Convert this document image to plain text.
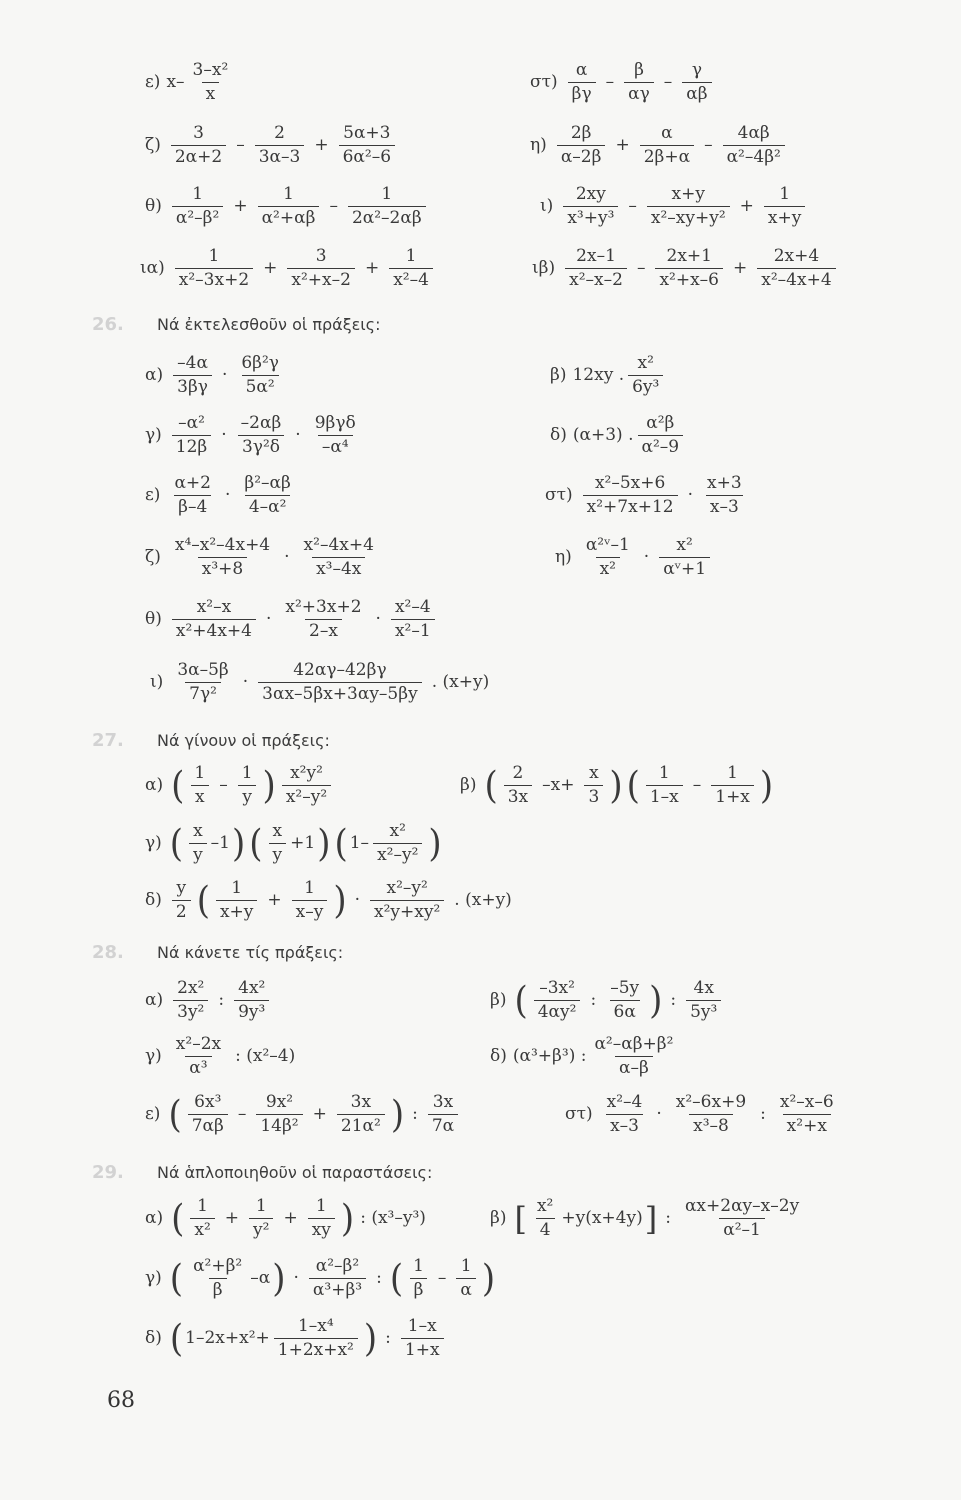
ε) $x- \frac{\text{3–x²}}{x}$	$\sigma\tau) \frac{\alpha}{\beta\gamma} - \frac{\beta}{\alpha\gamma} - \frac{\gamma}{\alpha\beta}$
$\zeta) \frac{3}{2\alpha+2} - \frac{2}{3\alpha-3} + \frac{5\alpha+3}{\text{6α²–6}}$	$\eta) \frac{2\beta}{\alpha-2\beta} + \frac{\alpha}{2\beta+\alpha} - \frac{4\alpha\beta}{\text{α²–4β²}}$
$\theta) \frac{1}{\text{α²–β²}} + \frac{1}{\text{α²+αβ}} - \frac{1}{\text{2α²–2αβ}}$	$\iota) \frac{2xy}{\text{x³+y³}} - \frac{x+y}{\text{x²–xy+y²}} + \frac{1}{x+y}$
$\iota\alpha) \frac{1}{\text{x²–3x+2}} + \frac{3}{\text{x²+x–2}} + \frac{1}{\text{x²–4}}$	$\iota\beta) \frac{2x-1}{\text{x²–x–2}} - \frac{2x+1}{\text{x²+x–6}} + \frac{2x+4}{\text{x²–4x+4}}$
26. Νά ἐκτελεσθοῦν οἱ πράξεις:
$\alpha) \frac{-4\alpha}{3\beta\gamma} \cdot \frac{\text{6β²γ}}{\text{5α²}}$	β) 12xy . $\frac{\text{x²}}{\text{6y³}}$
$\gamma) \frac{\text{–α²}}{12\beta} \cdot \frac{-2\alpha\beta}{\text{3γ²δ}} \cdot \frac{\text{9βγδ}}{\text{–α⁴}}$	δ) (α+3) . $\frac{\text{α²β}}{\text{α²–9}}$
$\varepsilon) \frac{\alpha+2}{\beta-4} \cdot \frac{\text{β²–αβ}}{\text{4–α²}}$	$\sigma\tau) \frac{\text{x²–5x+6}}{\text{x²+7x+12}} \cdot \frac{x+3}{x-3}$
$\zeta) \frac{\text{x⁴–x²–4x+4}}{\text{x³+8}} \cdot \frac{\text{x²–4x+4}}{\text{x³–4x}}$	$\eta) \frac{\text{α²ᵛ–1}}{\text{x²}} \cdot \frac{\text{x²}}{\text{αᵛ+1}}$
$\theta) \frac{\text{x²–x}}{\text{x²+4x+4}} \cdot \frac{\text{x²+3x+2}}{2-x} \cdot \frac{\text{x²–4}}{\text{x²–1}}$
$\iota) \frac{3\alpha-5\beta}{\text{7γ²}} \cdot \frac{42\alpha\gamma-42\beta\gamma}{3\alpha x-5\beta x+3\alpha y-5\beta y}$ . (x+y)
27. Νά γίνουν οἱ πράξεις:
α) ( $\frac{1}{x} - \frac{1}{y}$ ) $\frac{\text{x²y²}}{\text{x²–y²}}$	β) ( $\frac{2}{3x} -x+ \frac{x}{3}$ ) ( $\frac{1}{1-x} - \frac{1}{1+x}$ )
γ) ( $\frac{x}{y} -1$ ) ( $\frac{x}{y} +1$ ) ( $1- \frac{\text{x²}}{\text{x²–y²}}$ )
$\delta) \frac{y}{2}$ ( $\frac{1}{x+y} + \frac{1}{x-y}$ ) · $\frac{\text{x²–y²}}{\text{x²y+xy²}}$ . (x+y)
28. Νά κάνετε τίς πράξεις:
$\alpha) \frac{\text{2x²}}{\text{3y²}}$ : $\frac{\text{4x²}}{\text{9y³}}$	β) ( $\frac{\text{–3x²}}{\text{4αy²}}$ : $\frac{-5y}{6\alpha}$ ) : $\frac{4x}{\text{5y³}}$
$\gamma) \frac{\text{x²–2x}}{\text{α³}}$ : (x²–4)	δ) (α³+β³) : $\frac{\text{α²–αβ+β²}}{\alpha-\beta}$
ε) ( $\frac{\text{6x³}}{7\alpha\beta} - \frac{\text{9x²}}{\text{14β²}} + \frac{3x}{\text{21α²}}$ ) : $\frac{3x}{7\alpha}$	$\sigma\tau) \frac{\text{x²–4}}{x-3} \cdot \frac{\text{x²–6x+9}}{\text{x³–8}}$ : $\frac{\text{x²–x–6}}{\text{x²+x}}$
29. Νά ἁπλοποιηθοῦν οἱ παραστάσεις:
α) ( $\frac{1}{\text{x²}} + \frac{1}{\text{y²}} + \frac{1}{xy}$ ) : (x³–y³)	β) [ $\frac{\text{x²}}{4} +y(x+4y)$ ] : $\frac{\alpha x+2\alpha y-x-2y}{\text{α²–1}}$
γ) ( $\frac{\text{α²+β²}}{\beta} -\alpha$ ) · $\frac{\text{α²–β²}}{\text{α³+β³}}$ : ( $\frac{1}{\beta} - \frac{1}{\alpha}$ )
δ) ( $1-2x+x^2+ \frac{\text{1–x⁴}}{\text{1+2x+x²}}$ ) : $\frac{1-x}{1+x}$
68
